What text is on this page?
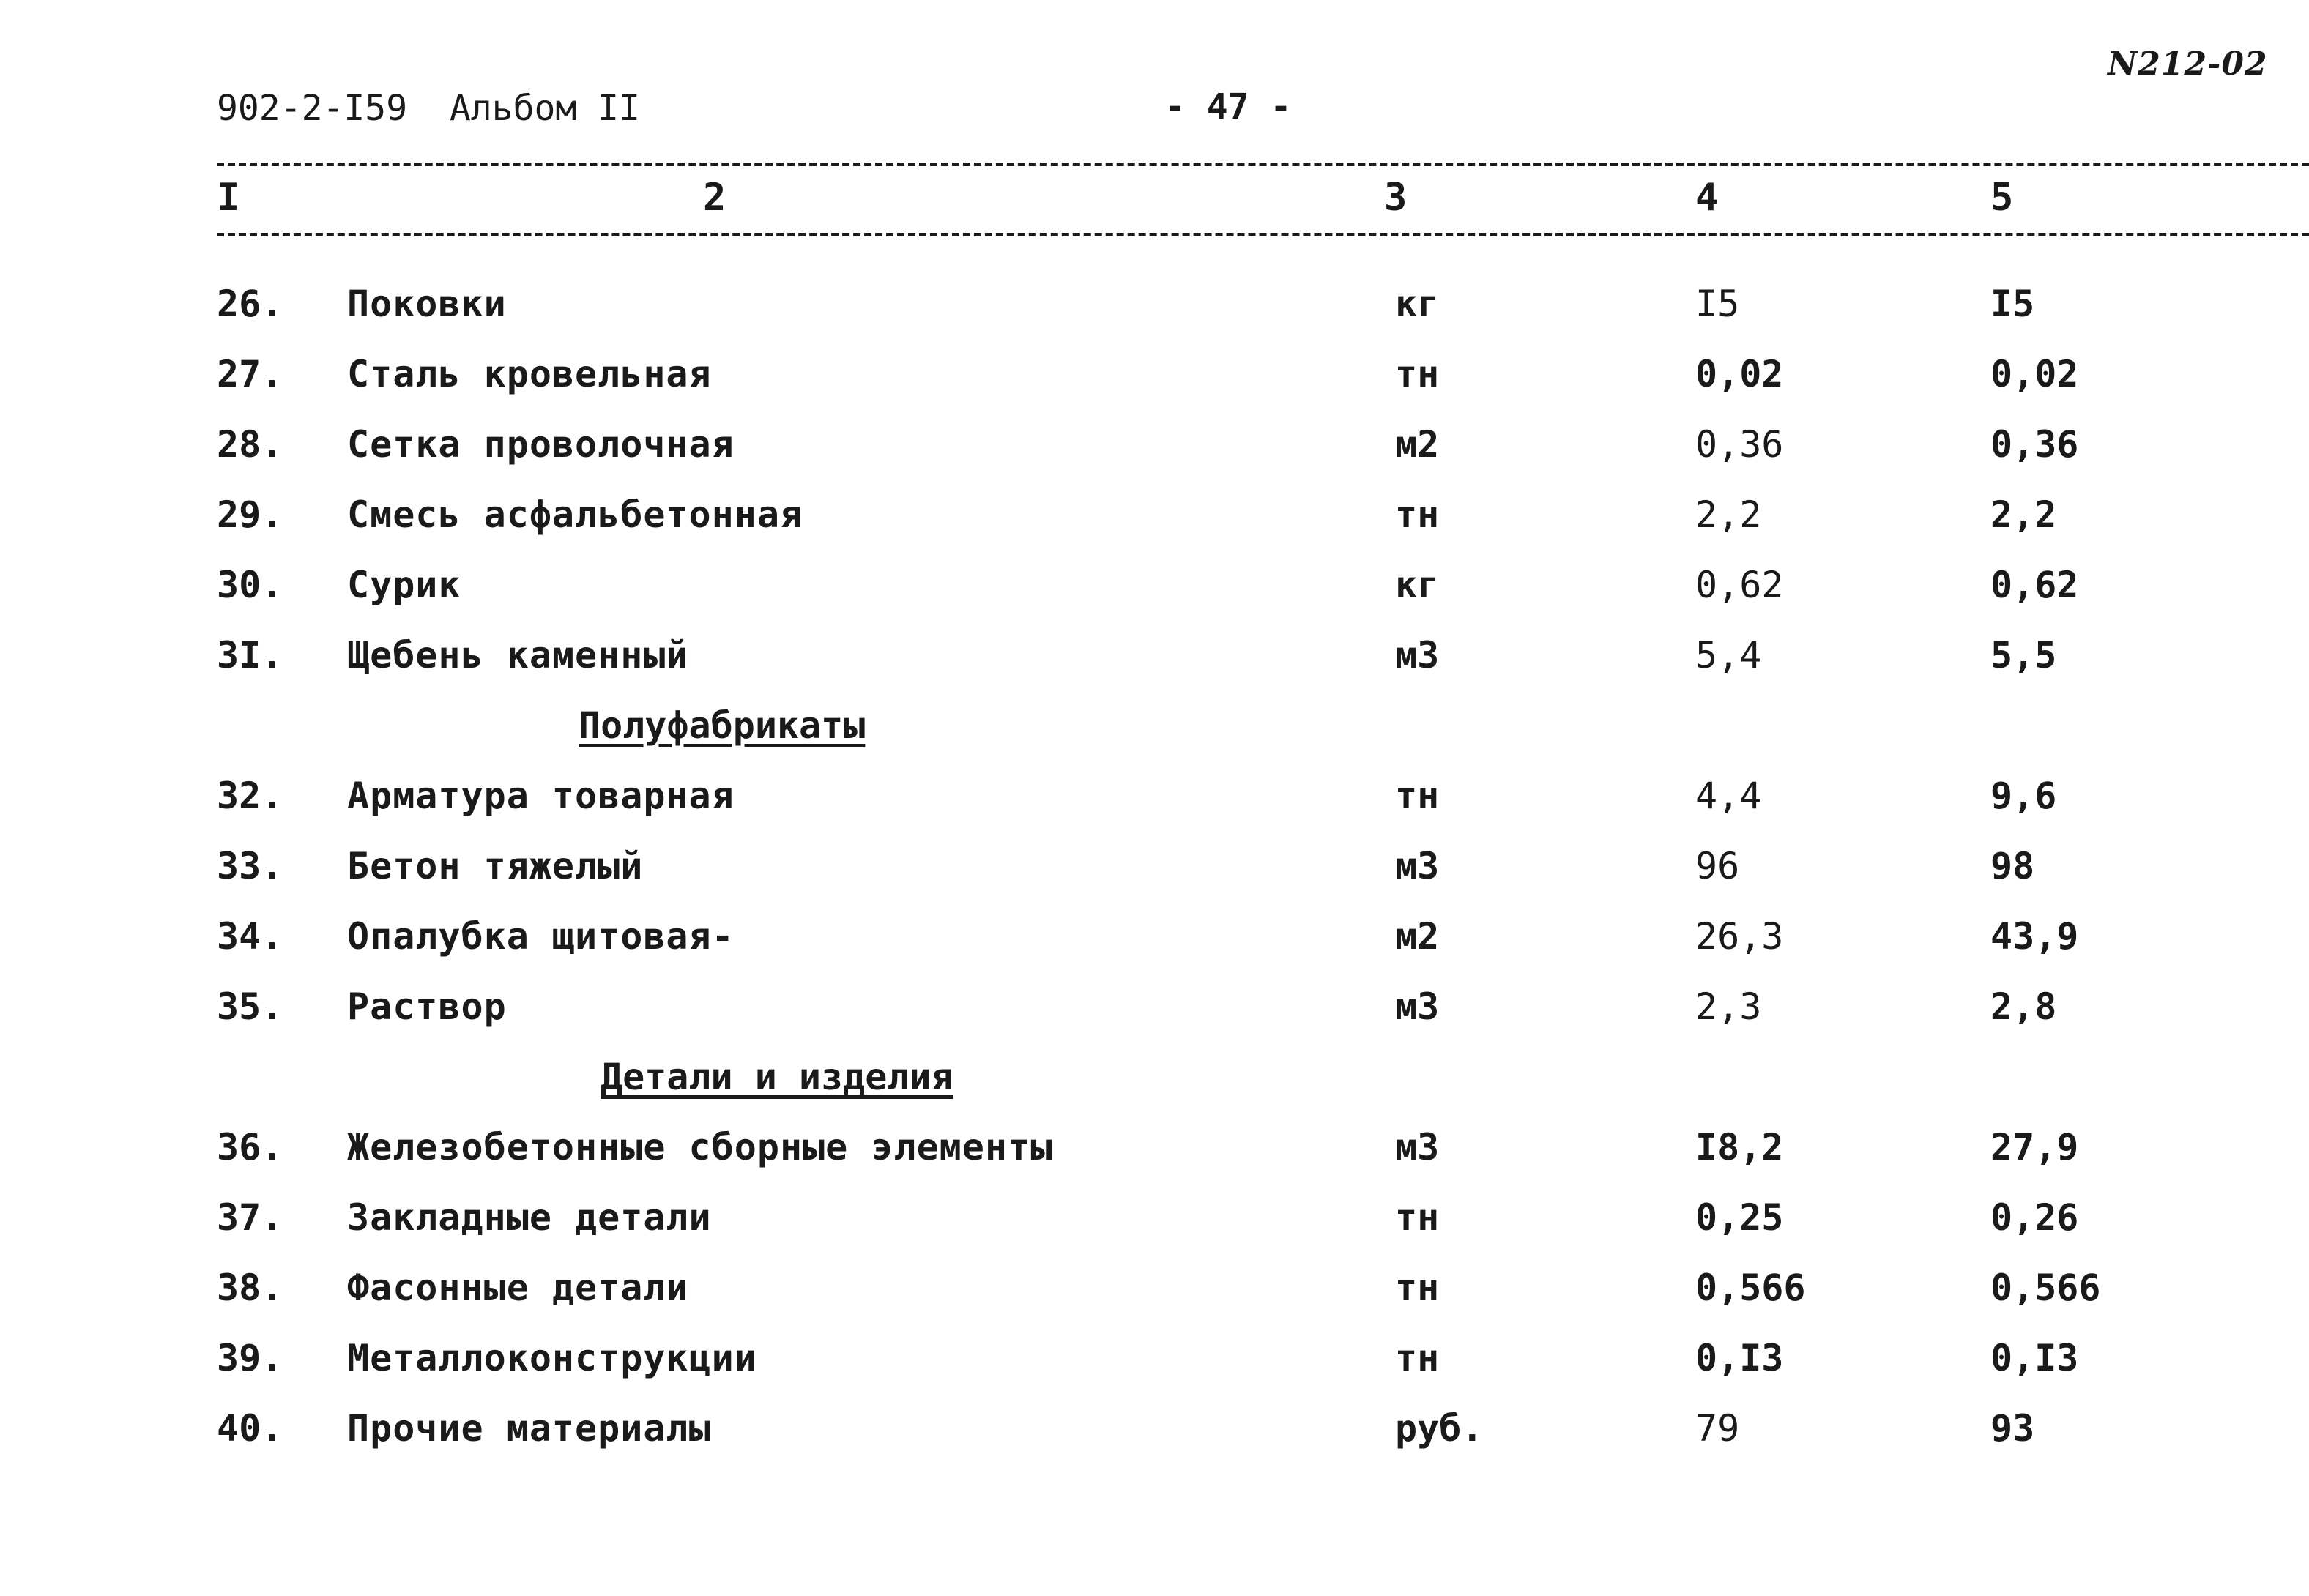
N212-02
902-2-I59  Альбом II	- 47 -
I	2	3	4	5
26. Поковки	кг	I5	I5
27. Сталь кровельная	тн	0,02	0,02
28. Сетка проволочная	м2	0,36	0,36
29. Смесь асфальбетонная	тн	2,2	2,2
30. Сурик	кг	0,62	0,62
3I. Щебень каменный	м3	5,4	5,5
Полуфабрикаты
32. Арматура товарная	тн	4,4	9,6
33. Бетон тяжелый	м3	96	98
34. Опалубка щитовая-	м2	26,3	43,9
35. Раствор	м3	2,3	2,8
Детали и изделия
36. Железобетонные сборные элементы	м3	I8,2	27,9
37. Закладные детали	тн	0,25	0,26
38. Фасонные детали	тн	0,566	0,566
39. Металлоконструкции	тн	0,I3	0,I3
40. Прочие материалы	руб.	79	93
